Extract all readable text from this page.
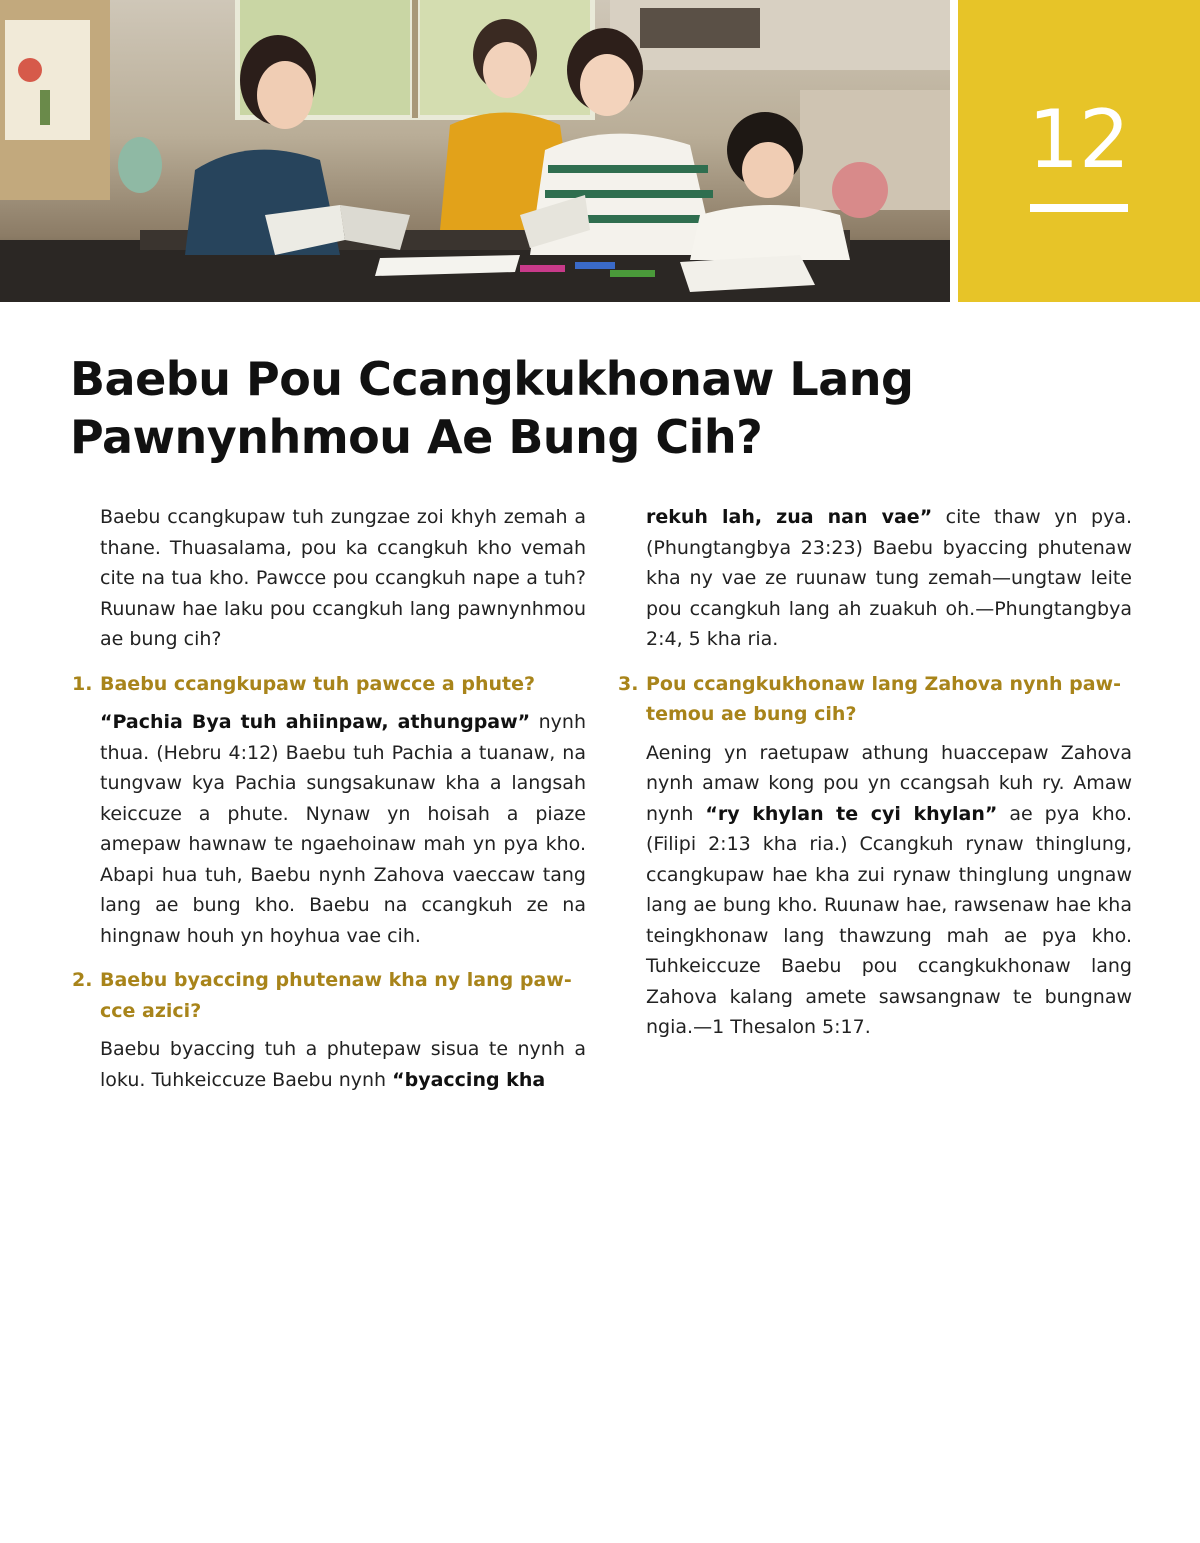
12
Baebu Pou Ccangkukhonaw Lang
Pawnynhmou Ae Bung Cih?

Baebu ccangkupaw tuh zungzae zoi khyh zemah a thane. Thuasalama, pou ka ccangkuh kho vemah cite na tua kho. Pawcce pou ccangkuh nape a tuh? Ruunaw hae laku pou ccangkuh lang pawnynhmou ae bung cih?

1. Baebu ccangkupaw tuh pawcce a phute?

“Pachia Bya tuh ahiinpaw, athungpaw” nynh thua. (Hebru 4:12) Baebu tuh Pachia a tuanaw, na tungvaw kya Pachia sungsakunaw kha a langsah keiccuze a phute. Nynaw yn hoisah a piaze amepaw hawnaw te ngaehoinaw mah yn pya kho. Abapi hua tuh, Baebu nynh Zahova vaeccaw tang lang ae bung kho. Baebu na ccangkuh ze na hingnaw houh yn hoyhua vae cih.

2. Baebu byaccing phutenaw kha ny lang paw-
cce azici?

Baebu byaccing tuh a phutepaw sisua te nynh a loku. Tuhkeiccuze Baebu nynh “byaccing kha

rekuh lah, zua nan vae” cite thaw yn pya. (Phungtangbya 23:23) Baebu byaccing phutenaw kha ny vae ze ruunaw tung zemah—ungtaw leite pou ccangkuh lang ah zuakuh oh.—Phungtangbya 2:4, 5 kha ria.

3. Pou ccangkukhonaw lang Zahova nynh paw-
temou ae bung cih?

Aening yn raetupaw athung huaccepaw Zahova nynh amaw kong pou yn ccangsah kuh ry. Amaw nynh “ry khylan te cyi khylan” ae pya kho. (Filipi 2:13 kha ria.) Ccangkuh rynaw thinglung, ccangkupaw hae kha zui rynaw thinglung ungnaw lang ae bung kho. Ruunaw hae, rawsenaw hae kha teingkhonaw lang thawzung mah ae pya kho. Tuhkeiccuze Baebu pou ccangkukhonaw lang Zahova kalang amete sawsangnaw te bungnaw ngia.—1 Thesalon 5:17.
